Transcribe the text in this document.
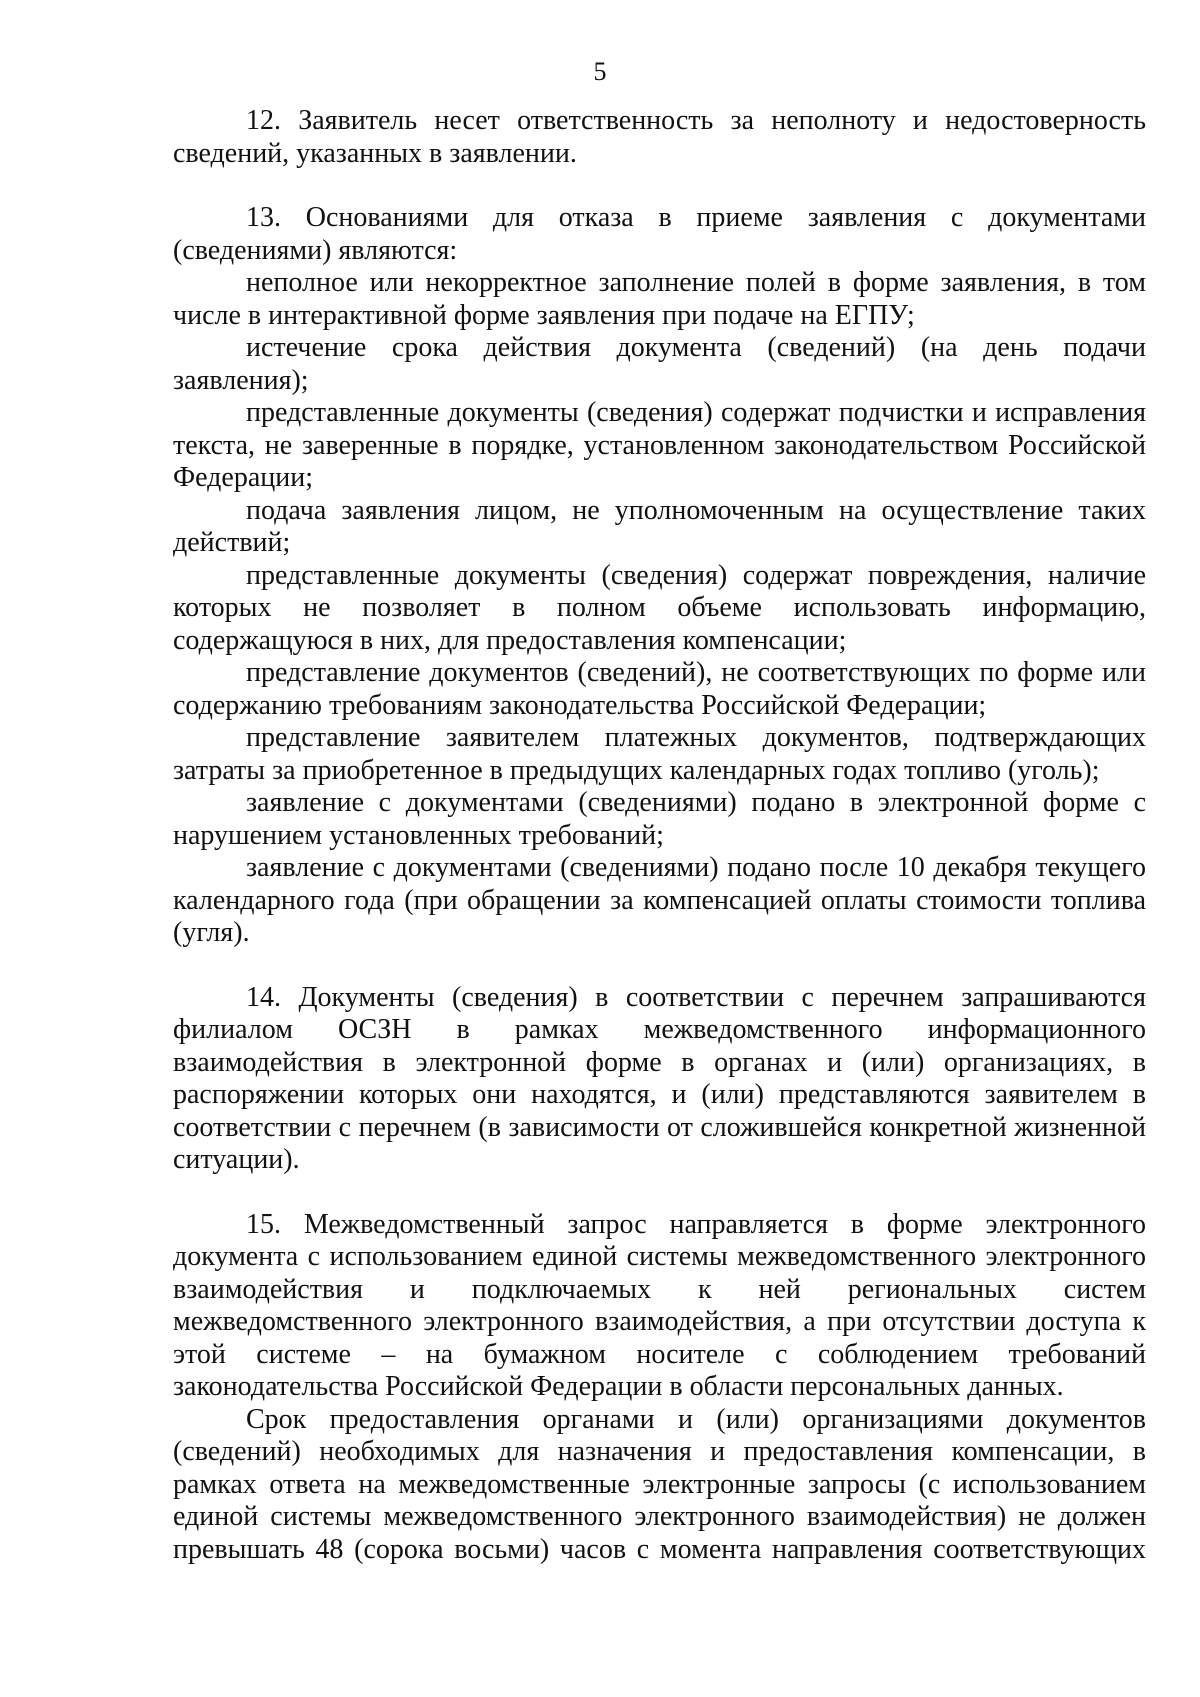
5

12. Заявитель несет ответственность за неполноту и недостоверность сведений, указанных в заявлении.

13. Основаниями для отказа в приеме заявления с документами (сведениями) являются:

неполное или некорректное заполнение полей в форме заявления, в том числе в интерактивной форме заявления при подаче на ЕГПУ;

истечение срока действия документа (сведений) (на день подачи заявления);

представленные документы (сведения) содержат подчистки и исправления текста, не заверенные в порядке, установленном законодательством Российской Федерации;

подача заявления лицом, не уполномоченным на осуществление таких действий;

представленные документы (сведения) содержат повреждения, наличие которых не позволяет в полном объеме использовать информацию, содержащуюся в них, для предоставления компенсации;

представление документов (сведений), не соответствующих по форме или содержанию требованиям законодательства Российской Федерации;

представление заявителем платежных документов, подтверждающих затраты за приобретенное в предыдущих календарных годах топливо (уголь);

заявление с документами (сведениями) подано в электронной форме с нарушением установленных требований;

заявление с документами (сведениями) подано после 10 декабря текущего календарного года (при обращении за компенсацией оплаты стоимости топлива (угля).

14. Документы (сведения) в соответствии с перечнем запрашиваются филиалом ОСЗН в рамках межведомственного информационного взаимодействия в электронной форме в органах и (или) организациях, в распоряжении которых они находятся, и (или) представляются заявителем в соответствии с перечнем (в зависимости от сложившейся конкретной жизненной ситуации).

15. Межведомственный запрос направляется в форме электронного документа с использованием единой системы межведомственного электронного взаимодействия и подключаемых к ней региональных систем межведомственного электронного взаимодействия, а при отсутствии доступа к этой системе – на бумажном носителе с соблюдением требований законодательства Российской Федерации в области персональных данных.

Срок предоставления органами и (или) организациями документов (сведений) необходимых для назначения и предоставления компенсации, в рамках ответа на межведомственные электронные запросы (с использованием единой системы межведомственного электронного взаимодействия) не должен превышать 48 (сорока восьми) часов с момента направления соответствующих
